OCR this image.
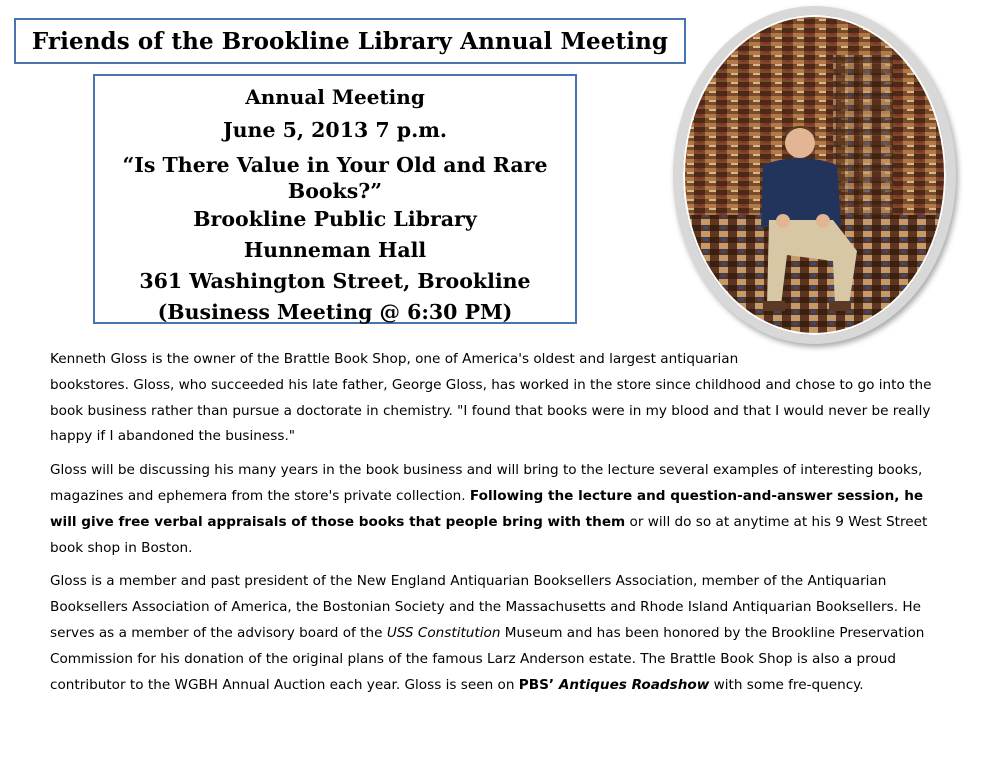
Friends of the Brookline Library Annual Meeting

Annual Meeting

June 5, 2013 7 p.m.

“Is There Value in Your Old and Rare Books?”

Brookline Public Library

Hunneman Hall

361 Washington Street, Brookline

(Business Meeting @ 6:30 PM)

Kenneth Gloss is the owner of the Brattle Book Shop, one of America's oldest and largest antiquarian
bookstores. Gloss, who succeeded his late father, George Gloss, has worked in the store since childhood and chose to go into the book business rather than pursue a doctorate in chemistry. "I found that books were in my blood and that I would never be really happy if I abandoned the business."

Gloss will be discussing his many years in the book business and will bring to the lecture several examples of interesting books, magazines and ephemera from the store's private collection. Following the lecture and question-and-answer session, he will give free verbal appraisals of those books that people bring with them or will do so at anytime at his 9 West Street book shop in Boston.

Gloss is a member and past president of the New England Antiquarian Booksellers Association, member of the Antiquarian Booksellers Association of America, the Bostonian Society and the Massachusetts and Rhode Island Antiquarian Booksellers. He serves as a member of the advisory board of the USS Constitution Museum and has been honored by the Brookline Preservation Commission for his donation of the original plans of the famous Larz Anderson estate. The Brattle Book Shop is also a proud contributor to the WGBH Annual Auction each year. Gloss is seen on PBS’ Antiques Roadshow with some fre-quency.
